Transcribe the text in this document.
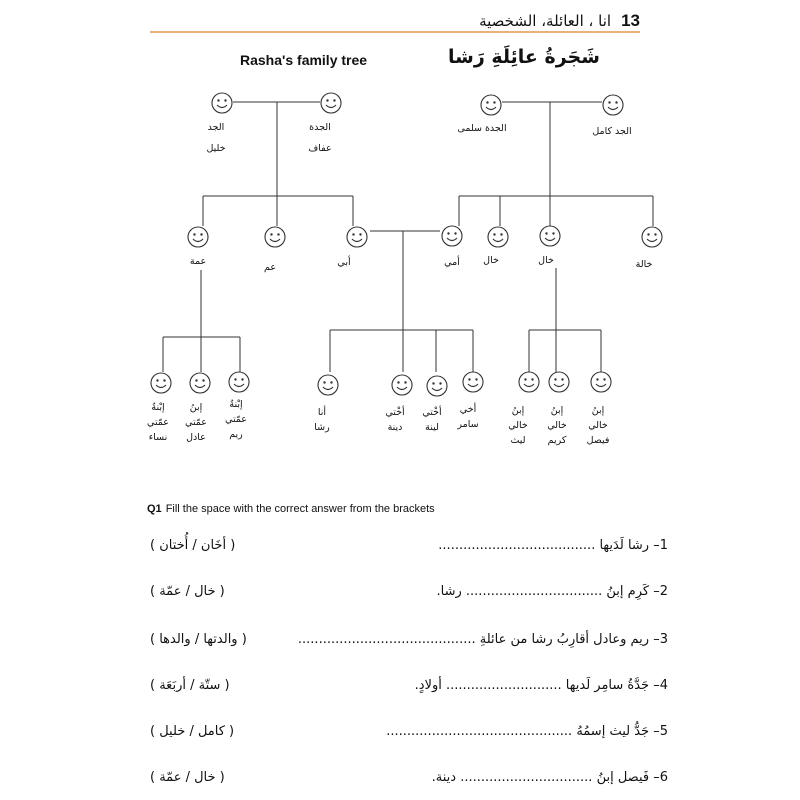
انا ، العائلة، الشخصية 13
Rasha's family tree	شَجَرةُ عائِلَةِ رَشا
الجد
خليل
الجدة
عفاف
الجدة سلمى	الجد كامل
عمة
عم	أبي	أمي خال	خال	خالة
إبْنةُ
عمّتي
نساء
إبنُ
عمّتي
عادل
إبْنةُ
عمّتي
ريم
أنا
رشا
أخْتي
دينة
أخْتي
لينة
أخي
سامر
إبنُ
خالي
ليث
إبنُ
خالي
كريم
إبنُ
خالي
فيصل
Q1 Fill the space with the correct answer from the brackets
( أخَان / أُختان )	1– رشا لَدَيها ......................................
( خال / عمّة )	2– كَرِم إبنُ ................................. رشا.
( والدتها / والدها )	3– ريم وعادل أقارِبُ رشا من عائلةِ ...........................................
( ستّة / أربَعَة )	4– جَدَّةُ سامِر لَديها ............................ أولادٍ.
( كامل / خليل )	5– جَدُّ ليث إسمُهُ .............................................
( خال / عمّة )	6– فَيصل إبنُ ................................ دينة.
